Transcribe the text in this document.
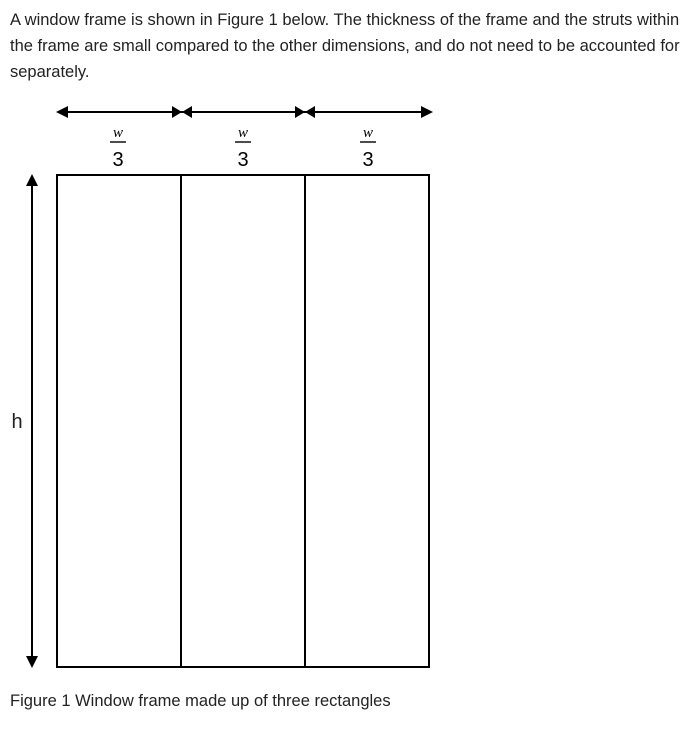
A window frame is shown in Figure 1 below. The thickness of the frame and the struts within the frame are small compared to the other dimensions, and do not need to be accounted for separately.

w
3
w
3
w
3
h

Figure 1 Window frame made up of three rectangles
